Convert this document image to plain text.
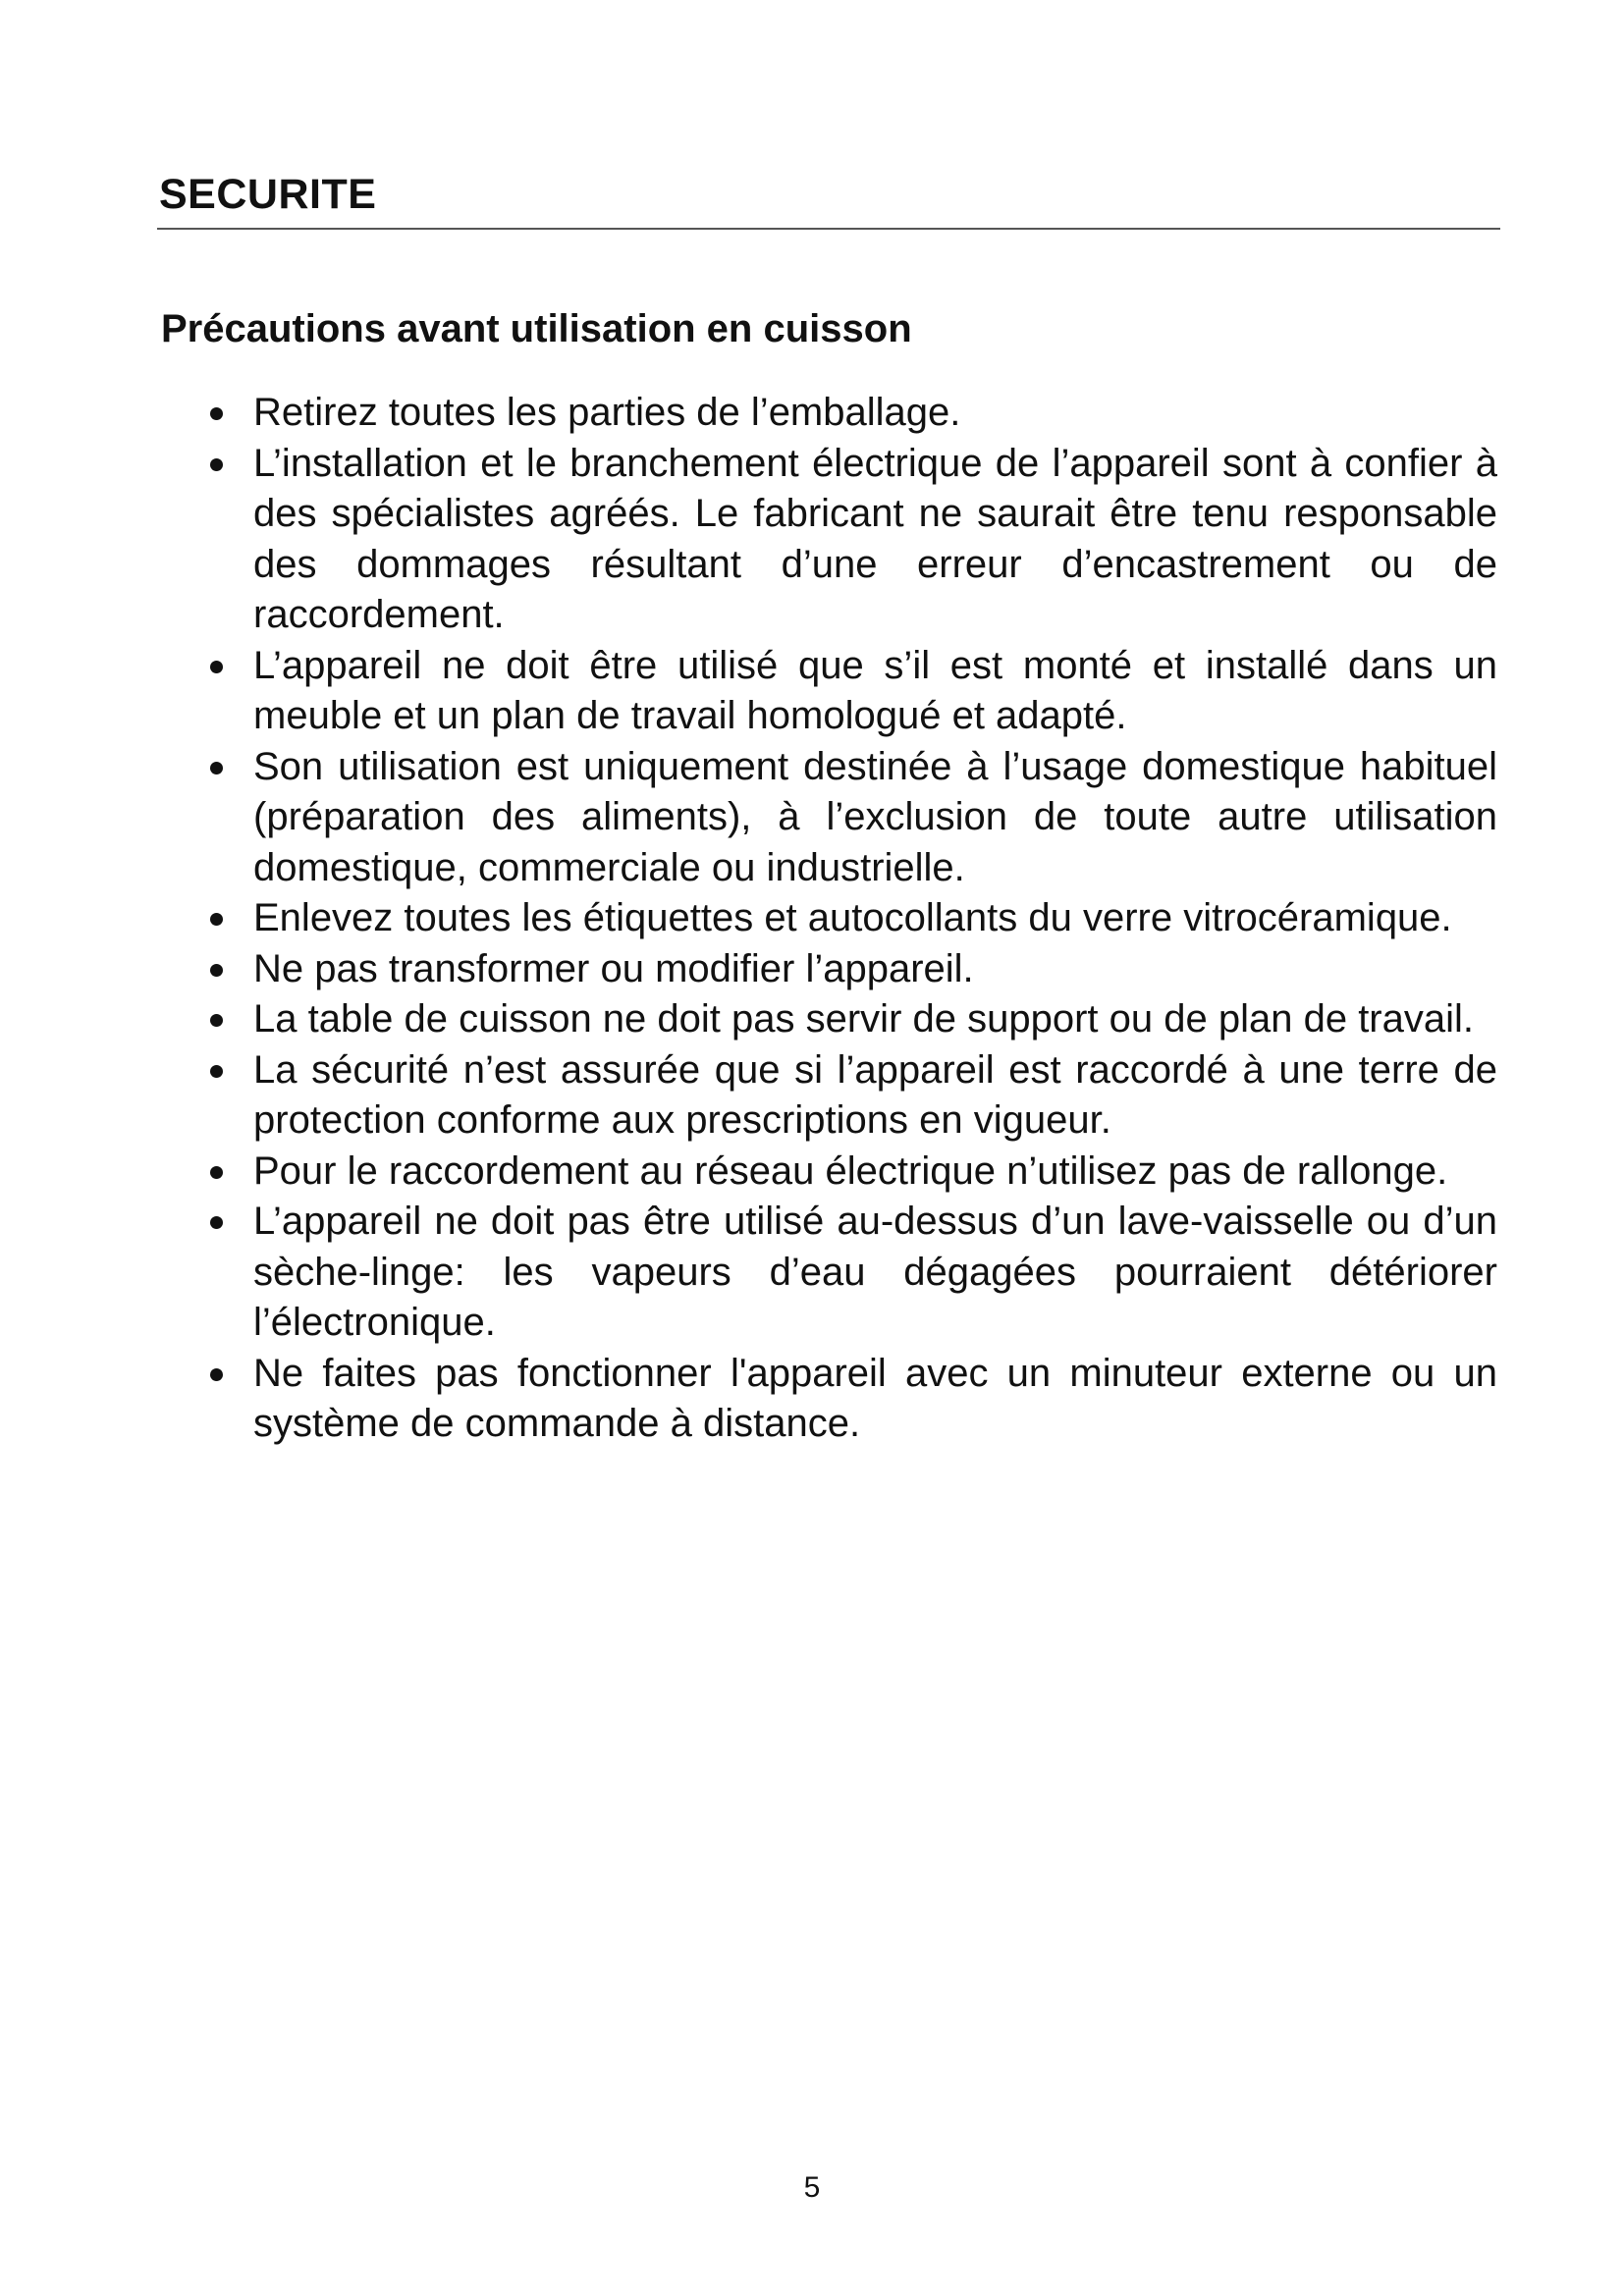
SECURITE
Précautions avant utilisation en cuisson
Retirez toutes les parties de l’emballage.
L’installation et le branchement électrique de l’appareil sont à confier à des spécialistes agréés. Le fabricant ne saurait être tenu responsable des dommages résultant d’une erreur d’encastrement ou de raccordement.
L’appareil ne doit être utilisé que s’il est monté et installé dans un meuble et un plan de travail homologué et adapté.
Son utilisation est uniquement destinée à l’usage domestique habituel (préparation des aliments), à l’exclusion de toute autre utilisation domestique, commerciale ou industrielle.
Enlevez toutes les étiquettes et autocollants du verre vitrocéramique.
Ne pas transformer ou modifier l’appareil.
La table de cuisson ne doit pas servir de support ou de plan de travail.
La sécurité n’est assurée que si l’appareil est raccordé à une terre de protection conforme aux prescriptions en vigueur.
Pour le raccordement au réseau électrique n’utilisez pas de rallonge.
L’appareil ne doit pas être utilisé au-dessus d’un lave-vaisselle ou d’un sèche-linge: les vapeurs d’eau dégagées pourraient détériorer l’électronique.
Ne faites pas fonctionner l'appareil avec un minuteur externe ou un système de commande à distance.

5
